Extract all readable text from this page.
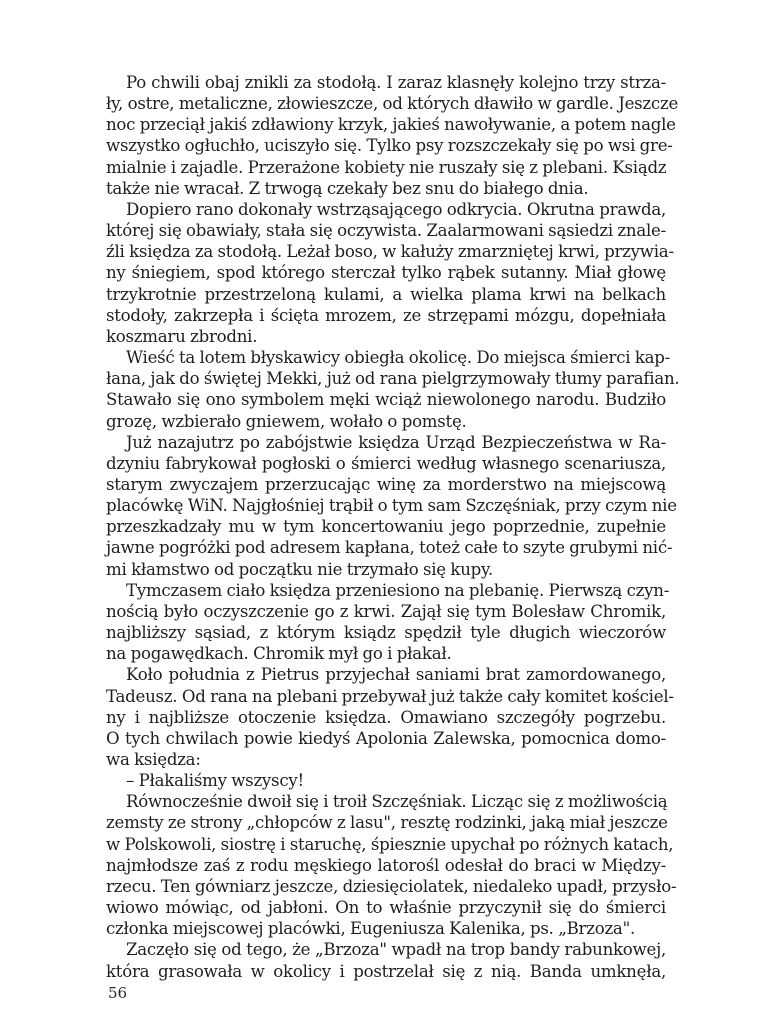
Po chwili obaj znikli za stodołą. I zaraz klasnęły kolejno trzy strza-
ły, ostre, metaliczne, złowieszcze, od których dławiło w gardle. Jeszcze
noc przeciął jakiś zdławiony krzyk, jakieś nawoływanie, a potem nagle
wszystko ogłuchło, uciszyło się. Tylko psy rozszczekały się po wsi gre-
mialnie i zajadle. Przerażone kobiety nie ruszały się z plebani. Ksiądz
także nie wracał. Z trwogą czekały bez snu do białego dnia.
Dopiero rano dokonały wstrząsającego odkrycia. Okrutna prawda,
której się obawiały, stała się oczywista. Zaalarmowani sąsiedzi znale-
źli księdza za stodołą. Leżał boso, w kałuży zmarzniętej krwi, przywia-
ny śniegiem, spod którego sterczał tylko rąbek sutanny. Miał głowę
trzykrotnie przestrzeloną kulami, a wielka plama krwi na belkach
stodoły, zakrzepła i ścięta mrozem, ze strzępami mózgu, dopełniała
koszmaru zbrodni.
Wieść ta lotem błyskawicy obiegła okolicę. Do miejsca śmierci kap-
łana, jak do świętej Mekki, już od rana pielgrzymowały tłumy parafian.
Stawało się ono symbolem męki wciąż niewolonego narodu. Budziło
grozę, wzbierało gniewem, wołało o pomstę.
Już nazajutrz po zabójstwie księdza Urząd Bezpieczeństwa w Ra-
dzyniu fabrykował pogłoski o śmierci według własnego scenariusza,
starym zwyczajem przerzucając winę za morderstwo na miejscową
placówkę WiN. Najgłośniej trąbił o tym sam Szczęśniak, przy czym nie
przeszkadzały mu w tym koncertowaniu jego poprzednie, zupełnie
jawne pogróżki pod adresem kapłana, toteż całe to szyte grubymi nić-
mi kłamstwo od początku nie trzymało się kupy.
Tymczasem ciało księdza przeniesiono na plebanię. Pierwszą czyn-
nością było oczyszczenie go z krwi. Zajął się tym Bolesław Chromik,
najbliższy sąsiad, z którym ksiądz spędził tyle długich wieczorów
na pogawędkach. Chromik mył go i płakał.
Koło południa z Pietrus przyjechał saniami brat zamordowanego,
Tadeusz. Od rana na plebani przebywał już także cały komitet kościel-
ny i najbliższe otoczenie księdza. Omawiano szczegóły pogrzebu.
O tych chwilach powie kiedyś Apolonia Zalewska, pomocnica domo-
wa księdza:
– Płakaliśmy wszyscy!
Równocześnie dwoił się i troił Szczęśniak. Licząc się z możliwością
zemsty ze strony „chłopców z lasu", resztę rodzinki, jaką miał jeszcze
w Polskowoli, siostrę i staruchę, śpiesznie upychał po różnych katach,
najmłodsze zaś z rodu męskiego latorośl odesłał do braci w Między-
rzecu. Ten gówniarz jeszcze, dziesięciolatek, niedaleko upadł, przysło-
wiowo mówiąc, od jabłoni. On to właśnie przyczynił się do śmierci
członka miejscowej placówki, Eugeniusza Kalenika, ps. „Brzoza".
Zaczęło się od tego, że „Brzoza" wpadł na trop bandy rabunkowej,
która grasowała w okolicy i postrzelał się z nią. Banda umknęła,
56
